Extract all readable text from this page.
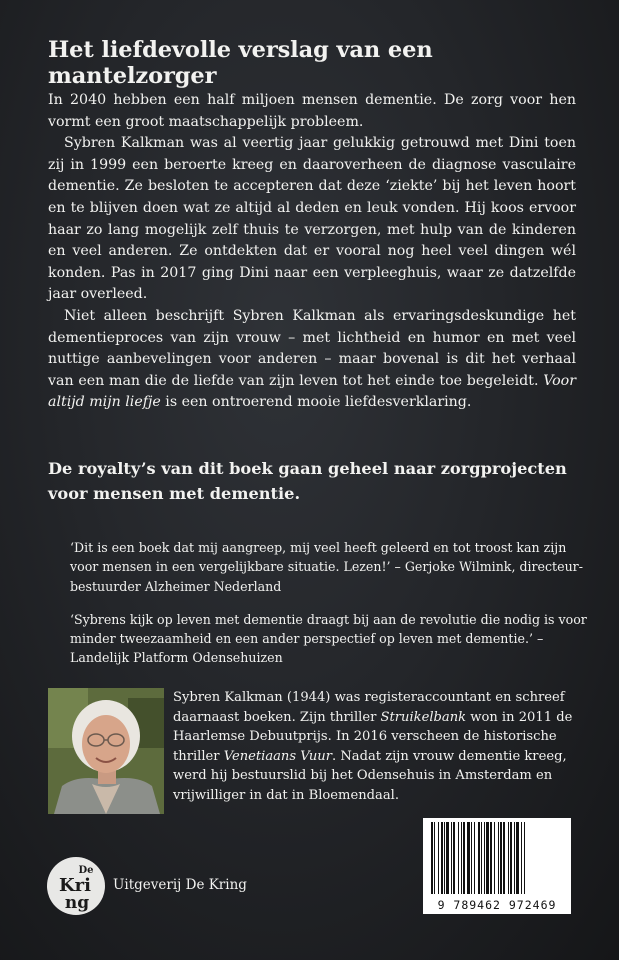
Het liefdevolle verslag van een mantelzorger

In 2040 hebben een half miljoen mensen dementie. De zorg voor hen vormt een groot maatschappelijk probleem.

Sybren Kalkman was al veertig jaar gelukkig getrouwd met Dini toen zij in 1999 een beroerte kreeg en daaroverheen de diagnose vasculaire dementie. Ze besloten te accepteren dat deze ‘ziekte’ bij het leven hoort en te blijven doen wat ze altijd al deden en leuk vonden. Hij koos ervoor haar zo lang mogelijk zelf thuis te verzorgen, met hulp van de kinderen en veel anderen. Ze ontdekten dat er vooral nog heel veel dingen wél konden. Pas in 2017 ging Dini naar een verpleeghuis, waar ze datzelfde jaar overleed.

Niet alleen beschrijft Sybren Kalkman als ervaringsdeskundige het dementieproces van zijn vrouw – met lichtheid en humor en met veel nuttige aanbevelingen voor anderen – maar bovenal is dit het verhaal van een man die de liefde van zijn leven tot het einde toe begeleidt. Voor altijd mijn liefje is een ontroerend mooie liefdesverklaring.

De royalty’s van dit boek gaan geheel naar zorgprojecten voor mensen met dementie.

‘Dit is een boek dat mij aangreep, mij veel heeft geleerd en tot troost kan zijn voor mensen in een vergelijkbare situatie. Lezen!’ – Gerjoke Wilmink, directeur-bestuurder Alzheimer Nederland

‘Sybrens kijk op leven met dementie draagt bij aan de revolutie die nodig is voor minder tweezaamheid en een ander perspectief op leven met dementie.’ – Landelijk Platform Odensehuizen

Sybren Kalkman (1944) was registeraccountant en schreef daarnaast boeken. Zijn thriller Struikelbank won in 2011 de Haarlemse Debuutprijs. In 2016 verscheen de historische thriller Venetiaans Vuur. Nadat zijn vrouw dementie kreeg, werd hij bestuurslid bij het Odensehuis in Amsterdam en vrijwilliger in dat in Bloemendaal.
De
Kri
ng
Uitgeverij De Kring
9 789462 972469
